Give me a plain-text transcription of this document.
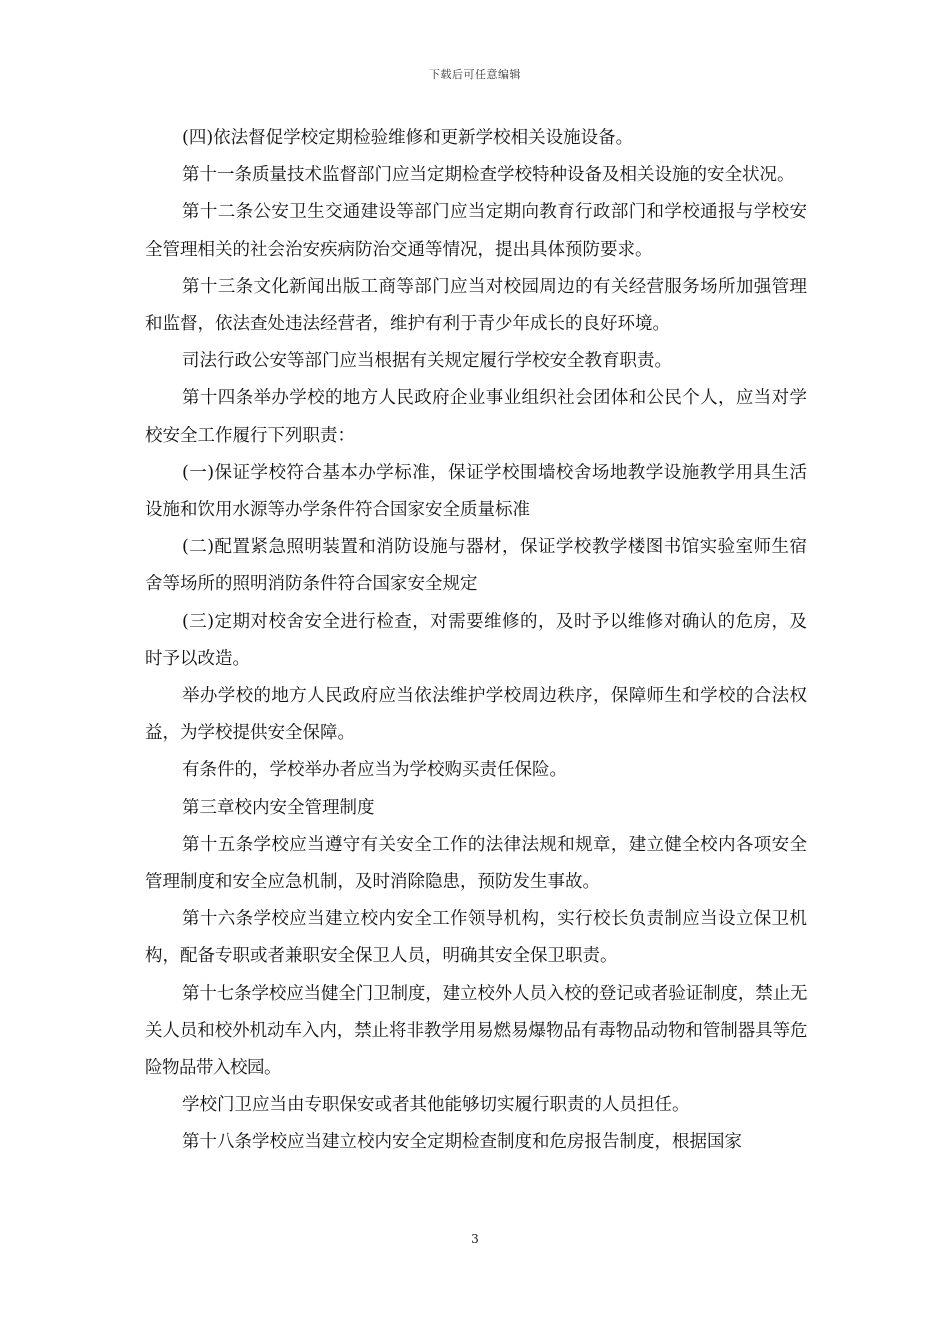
下载后可任意编辑

(四)依法督促学校定期检验维修和更新学校相关设施设备。

第十一条质量技术监督部门应当定期检查学校特种设备及相关设施的安全状况。

第十二条公安卫生交通建设等部门应当定期向教育行政部门和学校通报与学校安全管理相关的社会治安疾病防治交通等情况，提出具体预防要求。

第十三条文化新闻出版工商等部门应当对校园周边的有关经营服务场所加强管理和监督，依法查处违法经营者，维护有利于青少年成长的良好环境。

司法行政公安等部门应当根据有关规定履行学校安全教育职责。

第十四条举办学校的地方人民政府企业事业组织社会团体和公民个人，应当对学校安全工作履行下列职责：

(一)保证学校符合基本办学标准，保证学校围墙校舍场地教学设施教学用具生活设施和饮用水源等办学条件符合国家安全质量标准

(二)配置紧急照明装置和消防设施与器材，保证学校教学楼图书馆实验室师生宿舍等场所的照明消防条件符合国家安全规定

(三)定期对校舍安全进行检查，对需要维修的，及时予以维修对确认的危房，及时予以改造。

举办学校的地方人民政府应当依法维护学校周边秩序，保障师生和学校的合法权益，为学校提供安全保障。

有条件的，学校举办者应当为学校购买责任保险。

第三章校内安全管理制度

第十五条学校应当遵守有关安全工作的法律法规和规章，建立健全校内各项安全管理制度和安全应急机制，及时消除隐患，预防发生事故。

第十六条学校应当建立校内安全工作领导机构，实行校长负责制应当设立保卫机构，配备专职或者兼职安全保卫人员，明确其安全保卫职责。

第十七条学校应当健全门卫制度，建立校外人员入校的登记或者验证制度，禁止无关人员和校外机动车入内，禁止将非教学用易燃易爆物品有毒物品动物和管制器具等危险物品带入校园。

学校门卫应当由专职保安或者其他能够切实履行职责的人员担任。

第十八条学校应当建立校内安全定期检查制度和危房报告制度，根据国家

3
